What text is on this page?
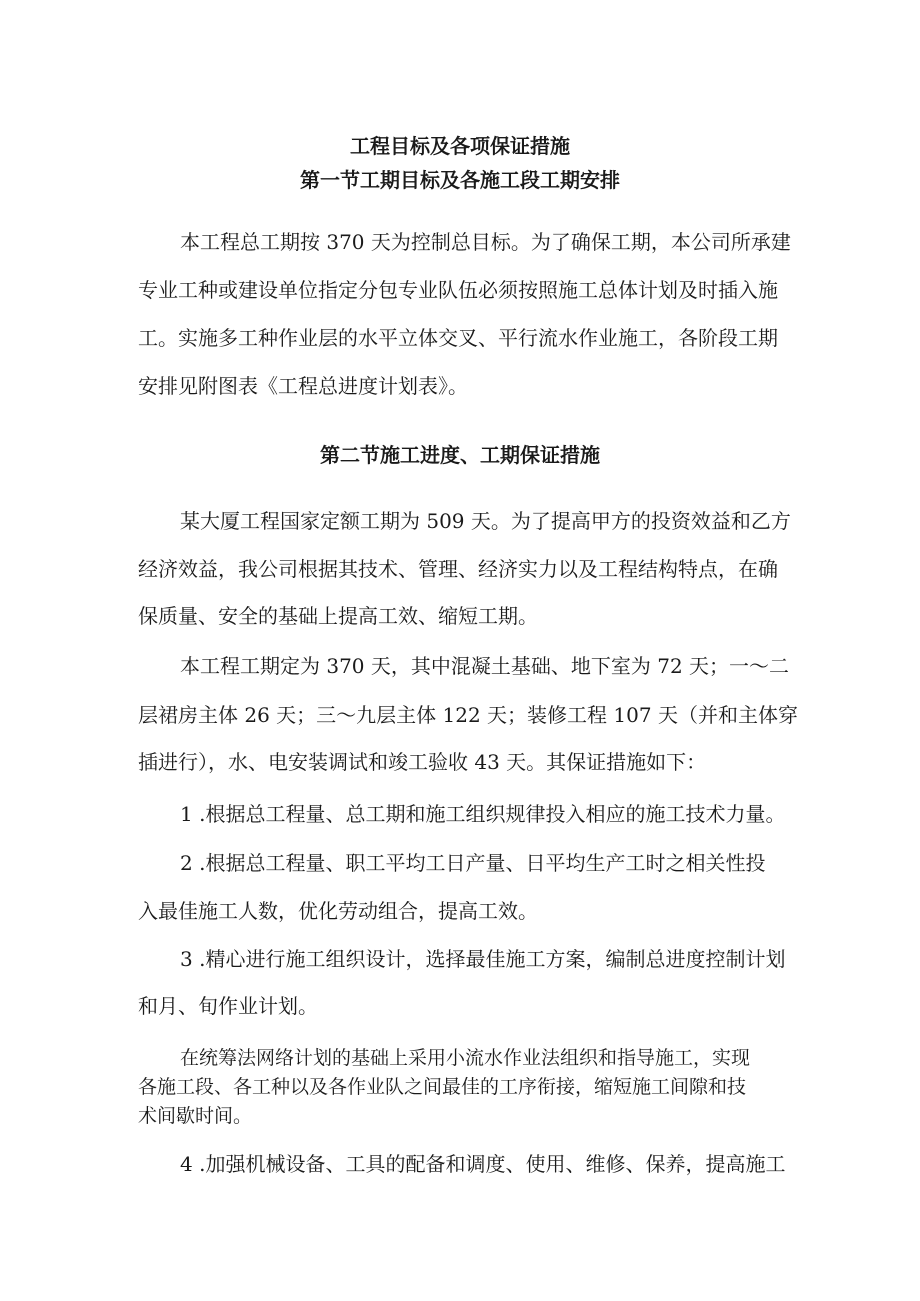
工程目标及各项保证措施
第一节工期目标及各施工段工期安排

本工程总工期按 370 天为控制总目标。为了确保工期，本公司所承建

专业工种或建设单位指定分包专业队伍必须按照施工总体计划及时插入施

工。实施多工种作业层的水平立体交叉、平行流水作业施工，各阶段工期

安排见附图表《工程总进度计划表》。

第二节施工进度、工期保证措施

某大厦工程国家定额工期为 509 天。为了提高甲方的投资效益和乙方

经济效益，我公司根据其技术、管理、经济实力以及工程结构特点，在确

保质量、安全的基础上提高工效、缩短工期。

本工程工期定为 370 天，其中混凝土基础、地下室为 72 天；一～二

层裙房主体 26 天；三～九层主体 122 天；装修工程 107 天（并和主体穿

插进行），水、电安装调试和竣工验收 43 天。其保证措施如下：

1 .根据总工程量、总工期和施工组织规律投入相应的施工技术力量。

2 .根据总工程量、职工平均工日产量、日平均生产工时之相关性投

入最佳施工人数，优化劳动组合，提高工效。

3 .精心进行施工组织设计，选择最佳施工方案，编制总进度控制计划

和月、旬作业计划。

在统筹法网络计划的基础上采用小流水作业法组织和指导施工，实现

各施工段、各工种以及各作业队之间最佳的工序衔接，缩短施工间隙和技

术间歇时间。

4 .加强机械设备、工具的配备和调度、使用、维修、保养，提高施工
